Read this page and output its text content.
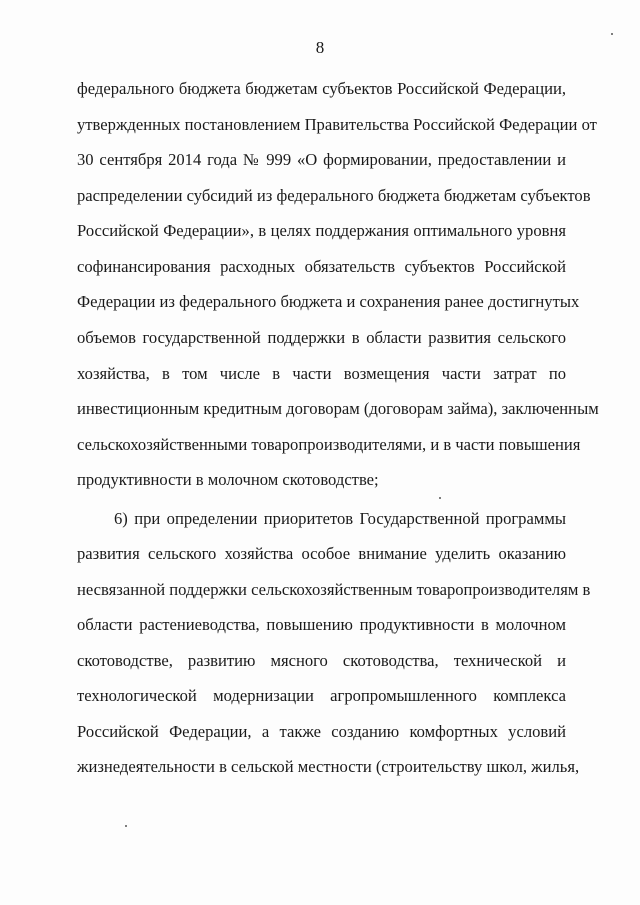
8
федерального бюджета бюджетам субъектов Российской Федерации,
утвержденных постановлением Правительства Российской Федерации от
30 сентября 2014 года № 999 «О формировании, предоставлении и
распределении субсидий из федерального бюджета бюджетам субъектов
Российской Федерации», в целях поддержания оптимального уровня
софинансирования расходных обязательств субъектов Российской
Федерации из федерального бюджета и сохранения ранее достигнутых
объемов государственной поддержки в области развития сельского
хозяйства, в том числе в части возмещения части затрат по
инвестиционным кредитным договорам (договорам займа), заключенным
сельскохозяйственными товаропроизводителями, и в части повышения
продуктивности в молочном скотоводстве;
6) при определении приоритетов Государственной программы
развития сельского хозяйства особое внимание уделить оказанию
несвязанной поддержки сельскохозяйственным товаропроизводителям в
области растениеводства, повышению продуктивности в молочном
скотоводстве, развитию мясного скотоводства, технической и
технологической модернизации агропромышленного комплекса
Российской Федерации, а также созданию комфортных условий
жизнедеятельности в сельской местности (строительству школ, жилья,
